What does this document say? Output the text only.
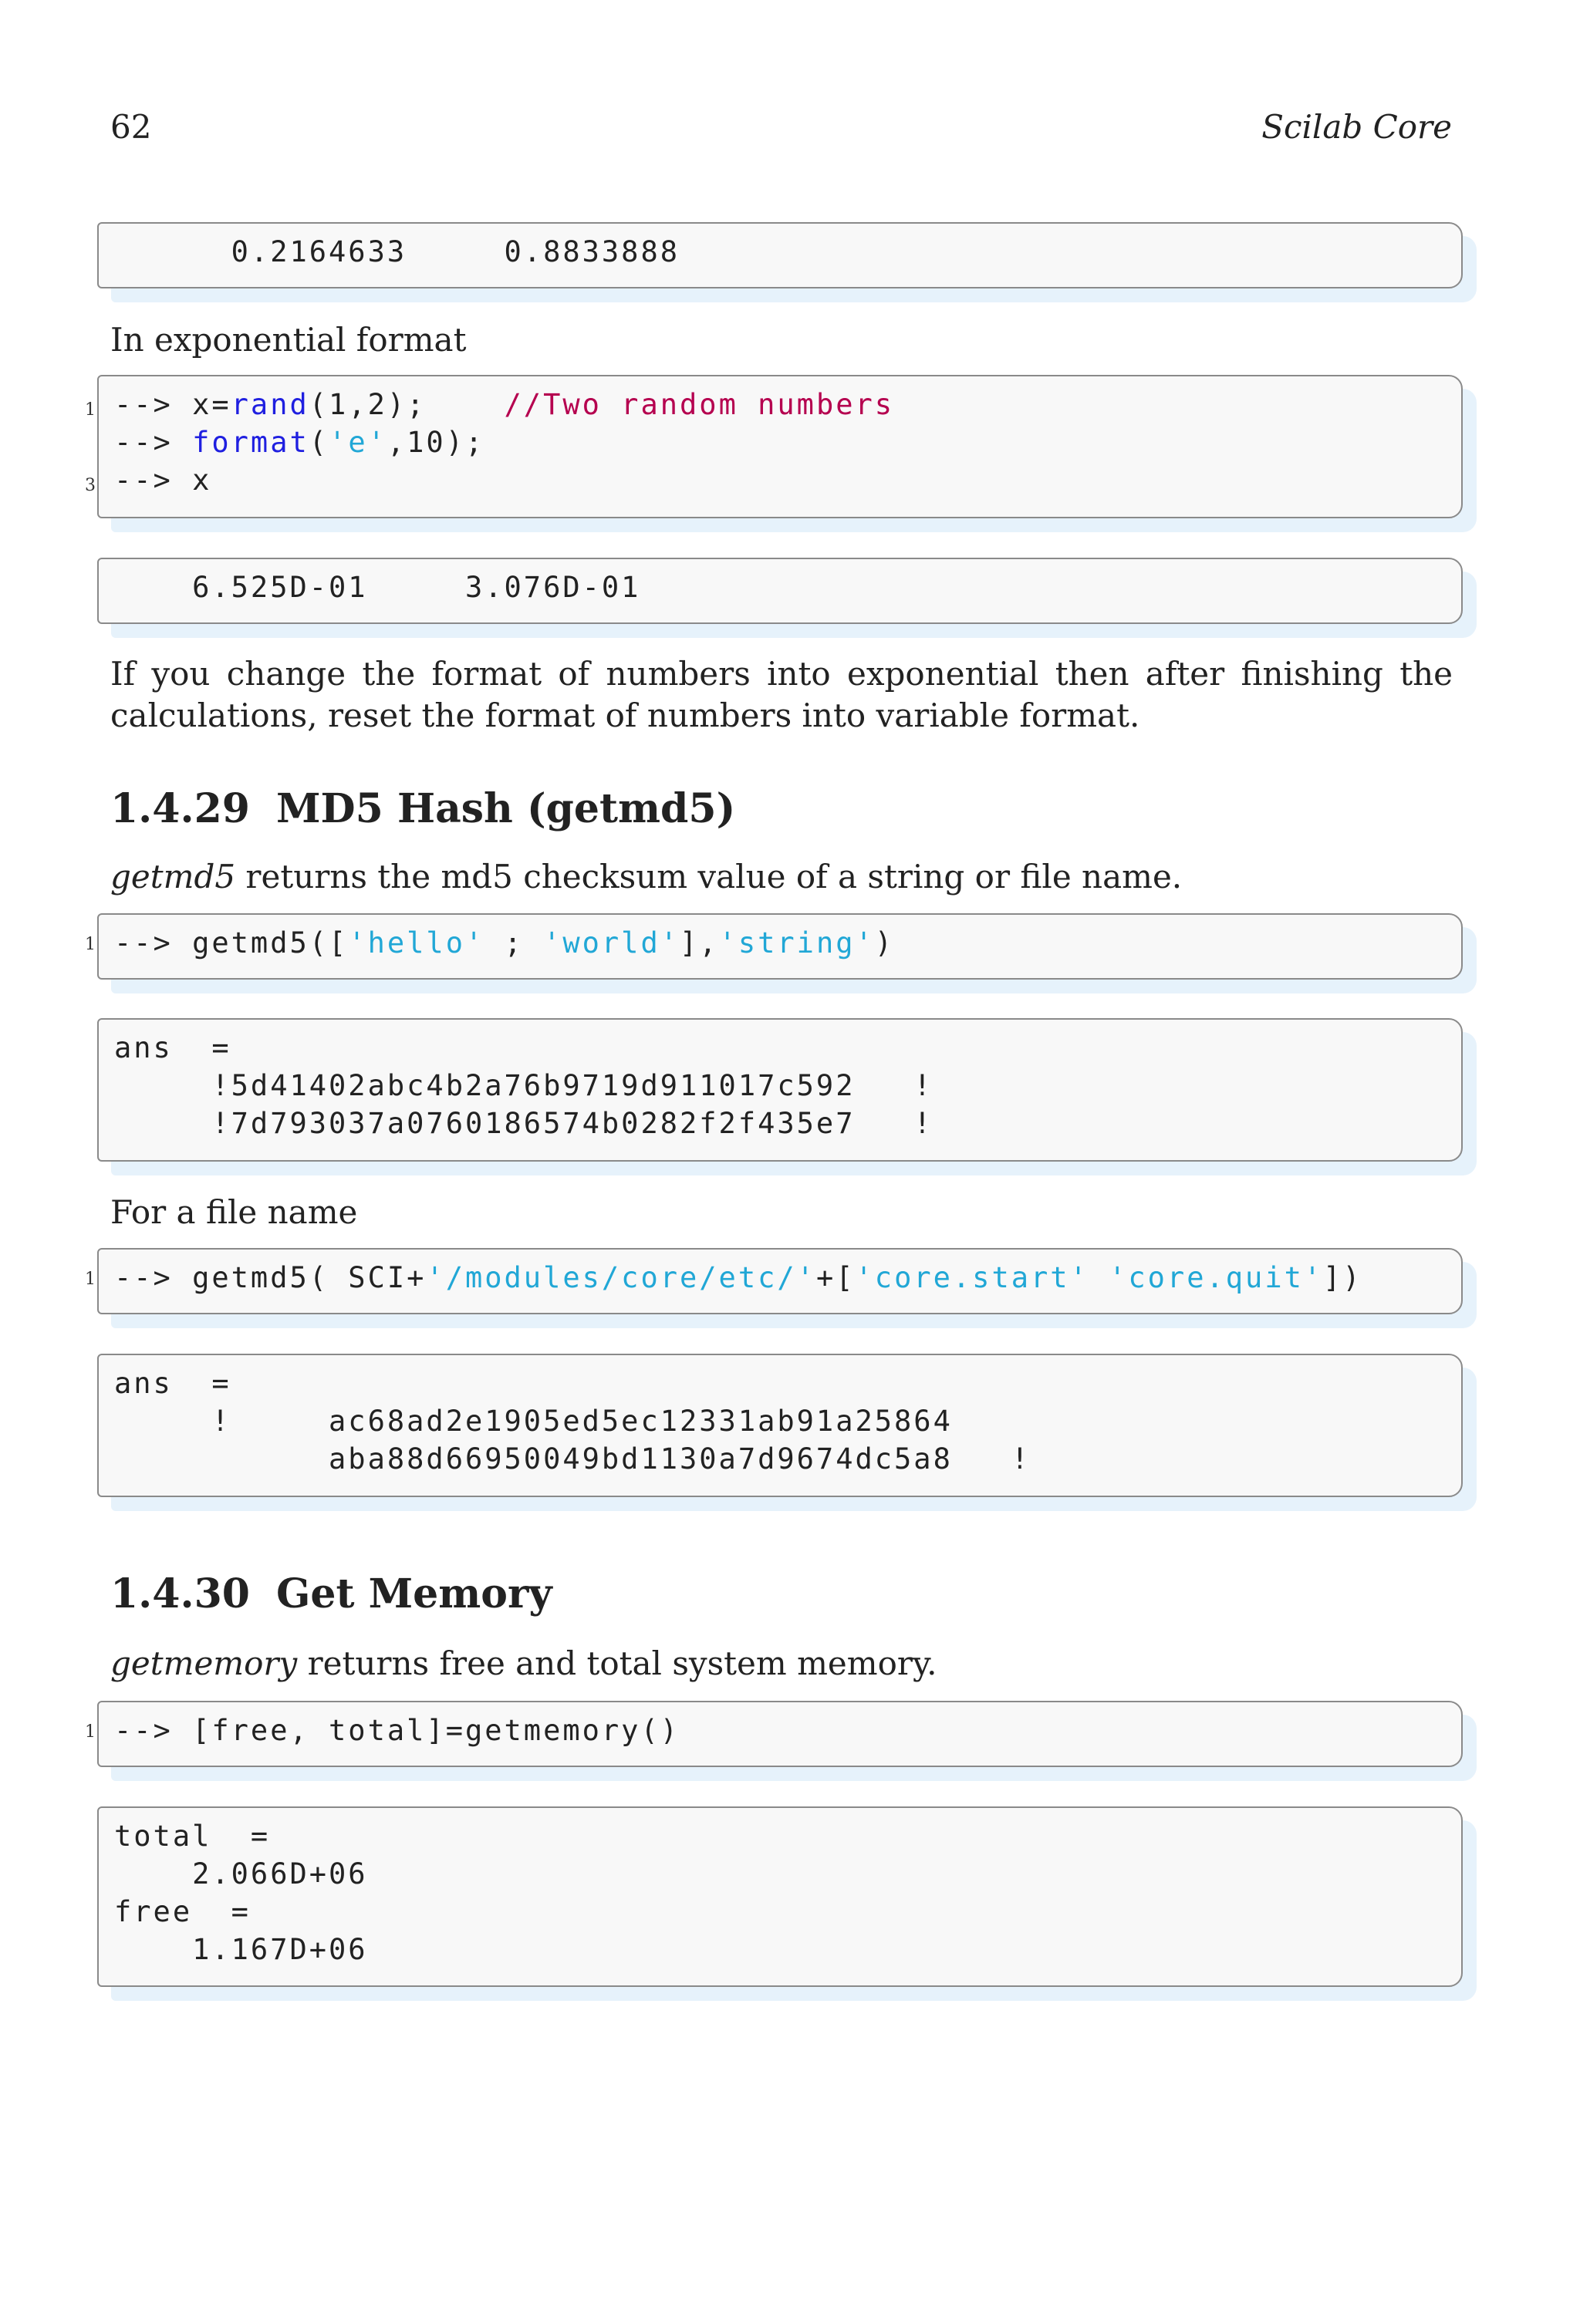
62	Scilab Core
0.2164633     0.8833888
In exponential format
1
3
--> x=rand(1,2);    //Two random numbers
--> format('e',10);
--> x
6.525D-01     3.076D-01
If you change the format of numbers into exponential then after finishing the calculations, reset the format of numbers into variable format.
1.4.29 MD5 Hash (getmd5)
getmd5 returns the md5 checksum value of a string or file name.
1 --> getmd5(['hello' ; 'world'],'string')
ans  =
!5d41402abc4b2a76b9719d911017c592   !
!7d793037a0760186574b0282f2f435e7   !
For a file name
1 --> getmd5( SCI+'/modules/core/etc/'+['core.start' 'core.quit'])
ans  =
!     ac68ad2e1905ed5ec12331ab91a25864
aba88d66950049bd1130a7d9674dc5a8   !
1.4.30 Get Memory
getmemory returns free and total system memory.
1 --> [free, total]=getmemory()
total  =
2.066D+06
free  =
1.167D+06
